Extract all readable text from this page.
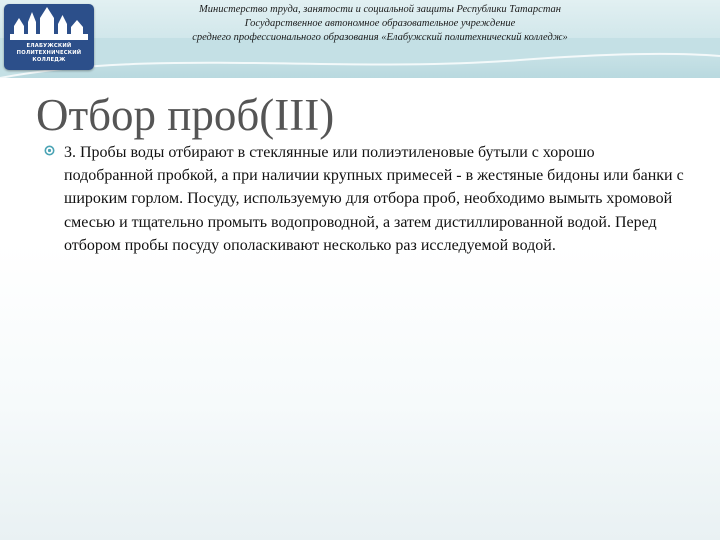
ЕЛАБУЖСКИЙ
ПОЛИТЕХНИЧЕСКИЙ
КОЛЛЕДЖ
Министерство труда, занятости и социальной защиты Республики Татарстан
Государственное автономное образовательное учреждение
среднего профессионального образования «Елабужский политехнический колледж»
Отбор проб(III)
3. Пробы воды отбирают в стеклянные или полиэтиленовые бутыли с хорошо подобранной пробкой, а при наличии крупных примесей - в жестяные бидоны или банки с широким горлом. Посуду, используемую для отбора проб, необходимо вымыть хромовой смесью и тщательно промыть водопроводной, а затем дистиллированной водой. Перед отбором пробы посуду ополаскивают несколько раз исследуемой водой.
